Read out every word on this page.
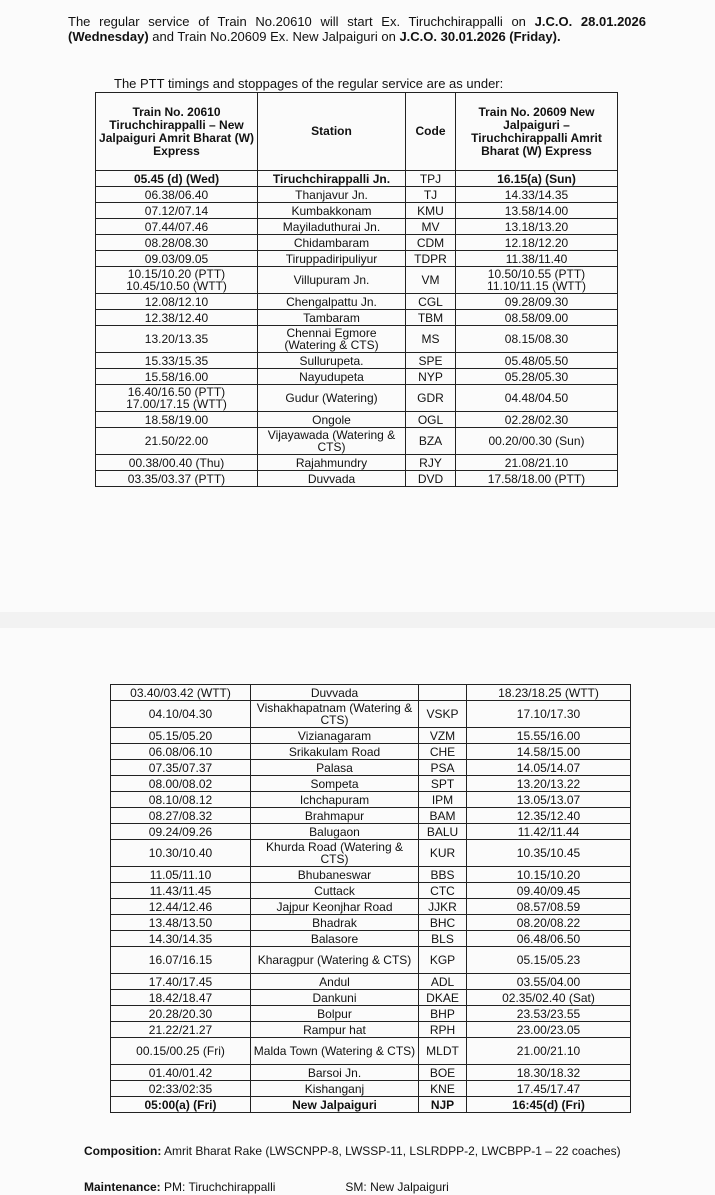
The regular service of Train No.20610 will start Ex. Tiruchchirappalli on J.C.O. 28.01.2026 (Wednesday) and Train No.20609 Ex. New Jalpaiguri on J.C.O. 30.01.2026 (Friday).
The PTT timings and stoppages of the regular service are as under:
Train No. 20610 Tiruchchirappalli – New Jalpaiguri Amrit Bharat (W) Express	Station	Code	Train No. 20609 New Jalpaiguri – Tiruchchirappalli Amrit Bharat (W) Express
05.45 (d) (Wed)	Tiruchchirappalli Jn.	TPJ	16.15(a) (Sun)
06.38/06.40	Thanjavur Jn.	TJ	14.33/14.35
07.12/07.14	Kumbakkonam	KMU	13.58/14.00
07.44/07.46	Mayiladuthurai Jn.	MV	13.18/13.20
08.28/08.30	Chidambaram	CDM	12.18/12.20
09.03/09.05	Tiruppadiripuliyur	TDPR	11.38/11.40
10.15/10.20 (PTT) 10.45/10.50 (WTT)	Villupuram Jn.	VM	10.50/10.55 (PTT) 11.10/11.15 (WTT)
12.08/12.10	Chengalpattu Jn.	CGL	09.28/09.30
12.38/12.40	Tambaram	TBM	08.58/09.00
13.20/13.35	Chennai Egmore (Watering & CTS)	MS	08.15/08.30
15.33/15.35	Sullurupeta.	SPE	05.48/05.50
15.58/16.00	Nayudupeta	NYP	05.28/05.30
16.40/16.50 (PTT) 17.00/17.15 (WTT)	Gudur (Watering)	GDR	04.48/04.50
18.58/19.00	Ongole	OGL	02.28/02.30
21.50/22.00	Vijayawada (Watering & CTS)	BZA	00.20/00.30 (Sun)
00.38/00.40 (Thu)	Rajahmundry	RJY	21.08/21.10
03.35/03.37 (PTT)	Duvvada	DVD	17.58/18.00 (PTT)
03.40/03.42 (WTT)	Duvvada		18.23/18.25 (WTT)
04.10/04.30	Vishakhapatnam (Watering & CTS)	VSKP	17.10/17.30
05.15/05.20	Vizianagaram	VZM	15.55/16.00
06.08/06.10	Srikakulam Road	CHE	14.58/15.00
07.35/07.37	Palasa	PSA	14.05/14.07
08.00/08.02	Sompeta	SPT	13.20/13.22
08.10/08.12	Ichchapuram	IPM	13.05/13.07
08.27/08.32	Brahmapur	BAM	12.35/12.40
09.24/09.26	Balugaon	BALU	11.42/11.44
10.30/10.40	Khurda Road (Watering & CTS)	KUR	10.35/10.45
11.05/11.10	Bhubaneswar	BBS	10.15/10.20
11.43/11.45	Cuttack	CTC	09.40/09.45
12.44/12.46	Jajpur Keonjhar Road	JJKR	08.57/08.59
13.48/13.50	Bhadrak	BHC	08.20/08.22
14.30/14.35	Balasore	BLS	06.48/06.50
16.07/16.15	Kharagpur (Watering & CTS)	KGP	05.15/05.23
17.40/17.45	Andul	ADL	03.55/04.00
18.42/18.47	Dankuni	DKAE	02.35/02.40 (Sat)
20.28/20.30	Bolpur	BHP	23.53/23.55
21.22/21.27	Rampur hat	RPH	23.00/23.05
00.15/00.25 (Fri)	Malda Town (Watering & CTS)	MLDT	21.00/21.10
01.40/01.42	Barsoi Jn.	BOE	18.30/18.32
02:33/02:35	Kishanganj	KNE	17.45/17.47
05:00(a) (Fri)	New Jalpaiguri	NJP	16:45(d) (Fri)
Composition: Amrit Bharat Rake (LWSCNPP-8, LWSSP-11, LSLRDPP-2, LWCBPP-1 – 22 coaches)
Maintenance: PM: Tiruchchirappalli	SM: New Jalpaiguri
